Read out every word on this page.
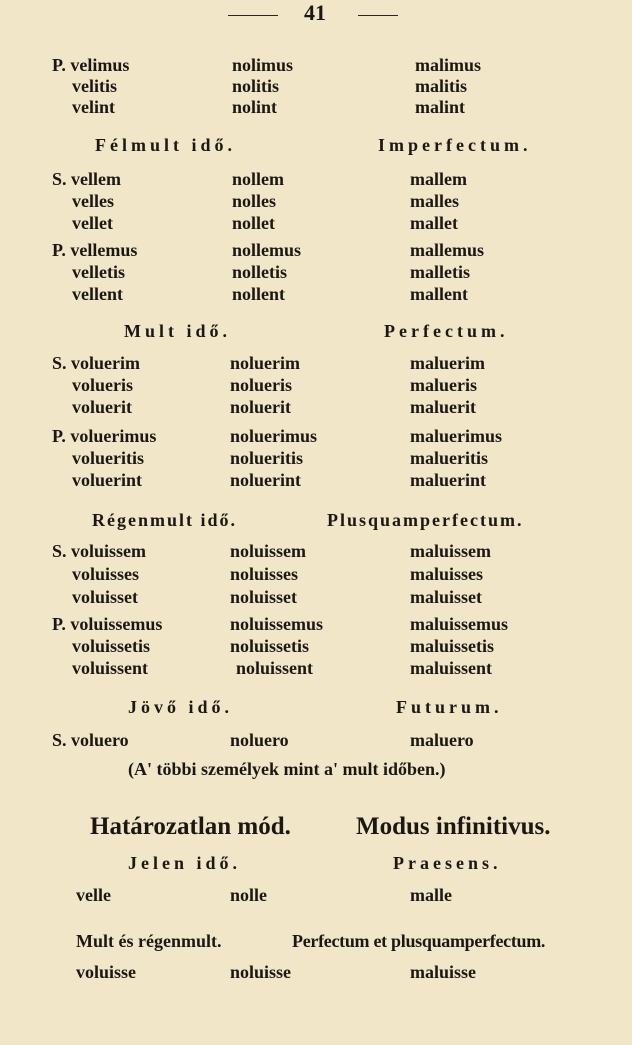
41
P. velimus	nolimus	malimus
velitis	nolitis	malitis
velint	nolint	malint
Félmult idő.	Imperfectum.
S. vellem	nollem	mallem
velles	nolles	malles
vellet	nollet	mallet
P. vellemus	nollemus	mallemus
velletis	nolletis	malletis
vellent	nollent	mallent
Mult idő.	Perfectum.
S. voluerim	noluerim	maluerim
volueris	nolueris	malueris
voluerit	noluerit	maluerit
P. voluerimus	noluerimus	maluerimus
volueritis	nolueritis	malueritis
voluerint	noluerint	maluerint
Régenmult idő.	Plusquamperfectum.
S. voluissem	noluissem	maluissem
voluisses	noluisses	maluisses
voluisset	noluisset	maluisset
P. voluissemus	noluissemus	maluissemus
voluissetis	noluissetis	maluissetis
voluissent	noluissent	maluissent
Jövő idő.	Futurum.
S. voluero	noluero	maluero
(A' többi személyek mint a' mult időben.)
Határozatlan mód.	Modus infinitivus.
Jelen idő.	Praesens.
velle	nolle	malle
Mult és régenmult.	Perfectum et plusquamperfectum.
voluisse	noluisse	maluisse
